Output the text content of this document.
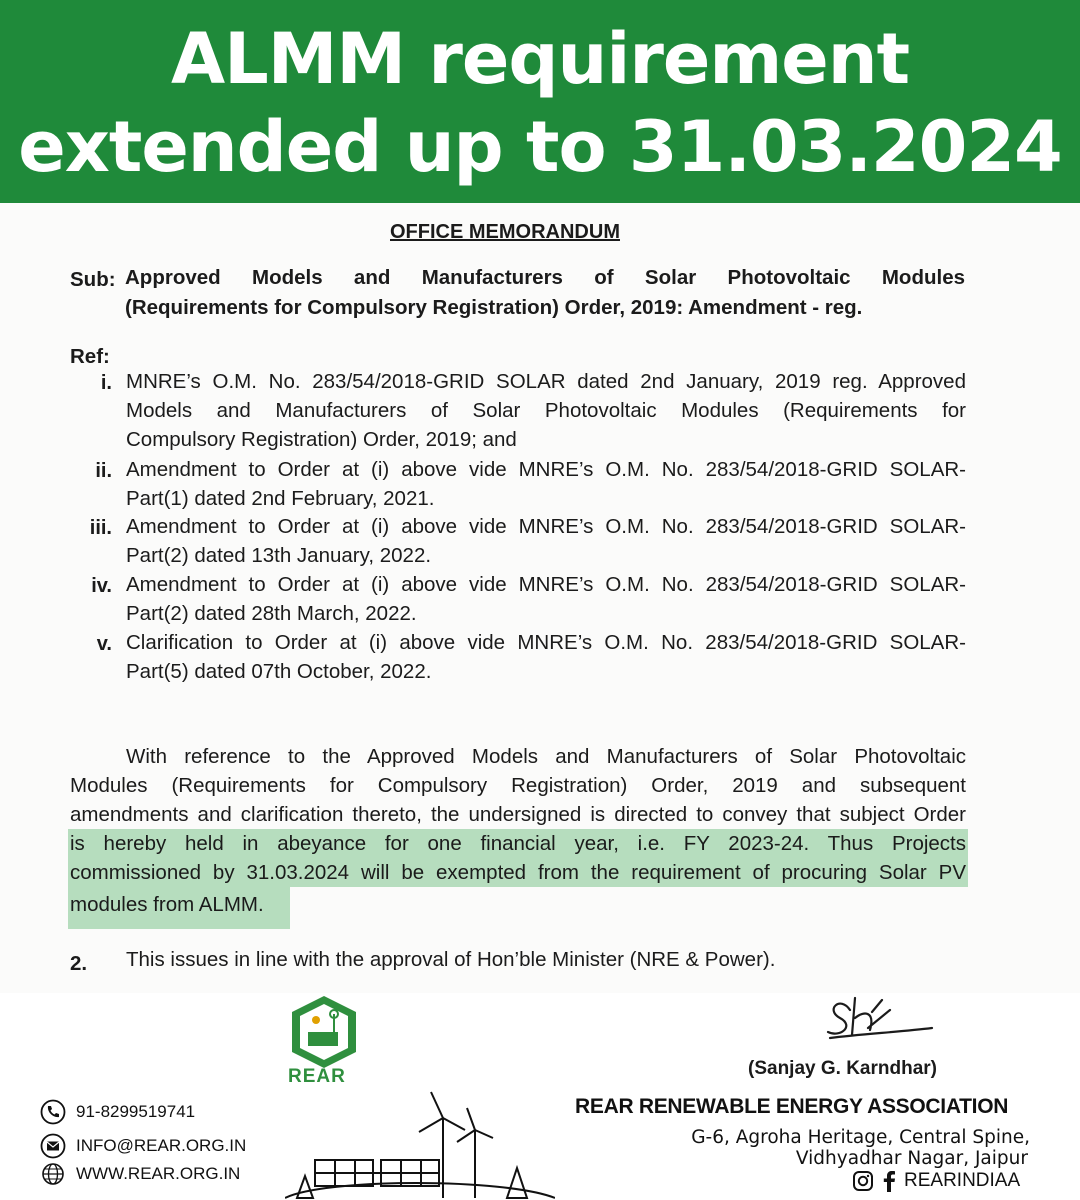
ALMM requirement
extended up to 31.03.2024
OFFICE MEMORANDUM
Sub: Approved Models and Manufacturers of Solar Photovoltaic Modules
(Requirements for Compulsory Registration) Order, 2019: Amendment - reg.
Ref:
i. MNRE’s O.M. No. 283/54/2018-GRID SOLAR dated 2nd January, 2019 reg. Approved
Models and Manufacturers of Solar Photovoltaic Modules (Requirements for
Compulsory Registration) Order, 2019; and
ii. Amendment to Order at (i) above vide MNRE’s O.M. No. 283/54/2018-GRID SOLAR-
Part(1) dated 2nd February, 2021.
iii. Amendment to Order at (i) above vide MNRE’s O.M. No. 283/54/2018-GRID SOLAR-
Part(2) dated 13th January, 2022.
iv. Amendment to Order at (i) above vide MNRE’s O.M. No. 283/54/2018-GRID SOLAR-
Part(2) dated 28th March, 2022.
v. Clarification to Order at (i) above vide MNRE’s O.M. No. 283/54/2018-GRID SOLAR-
Part(5) dated 07th October, 2022.
With reference to the Approved Models and Manufacturers of Solar Photovoltaic
Modules (Requirements for Compulsory Registration) Order, 2019 and subsequent
amendments and clarification thereto, the undersigned is directed to convey that subject Order
is hereby held in abeyance for one financial year, i.e. FY 2023-24. Thus Projects
commissioned by 31.03.2024 will be exempted from the requirement of procuring Solar PV
modules from ALMM.
2. This issues in line with the approval of Hon’ble Minister (NRE & Power).
(Sanjay G. Karndhar)
REAR
91-8299519741
INFO@REAR.ORG.IN
WWW.REAR.ORG.IN
REAR RENEWABLE ENERGY ASSOCIATION
G-6, Agroha Heritage, Central Spine,
Vidhyadhar Nagar, Jaipur
REARINDIAA
